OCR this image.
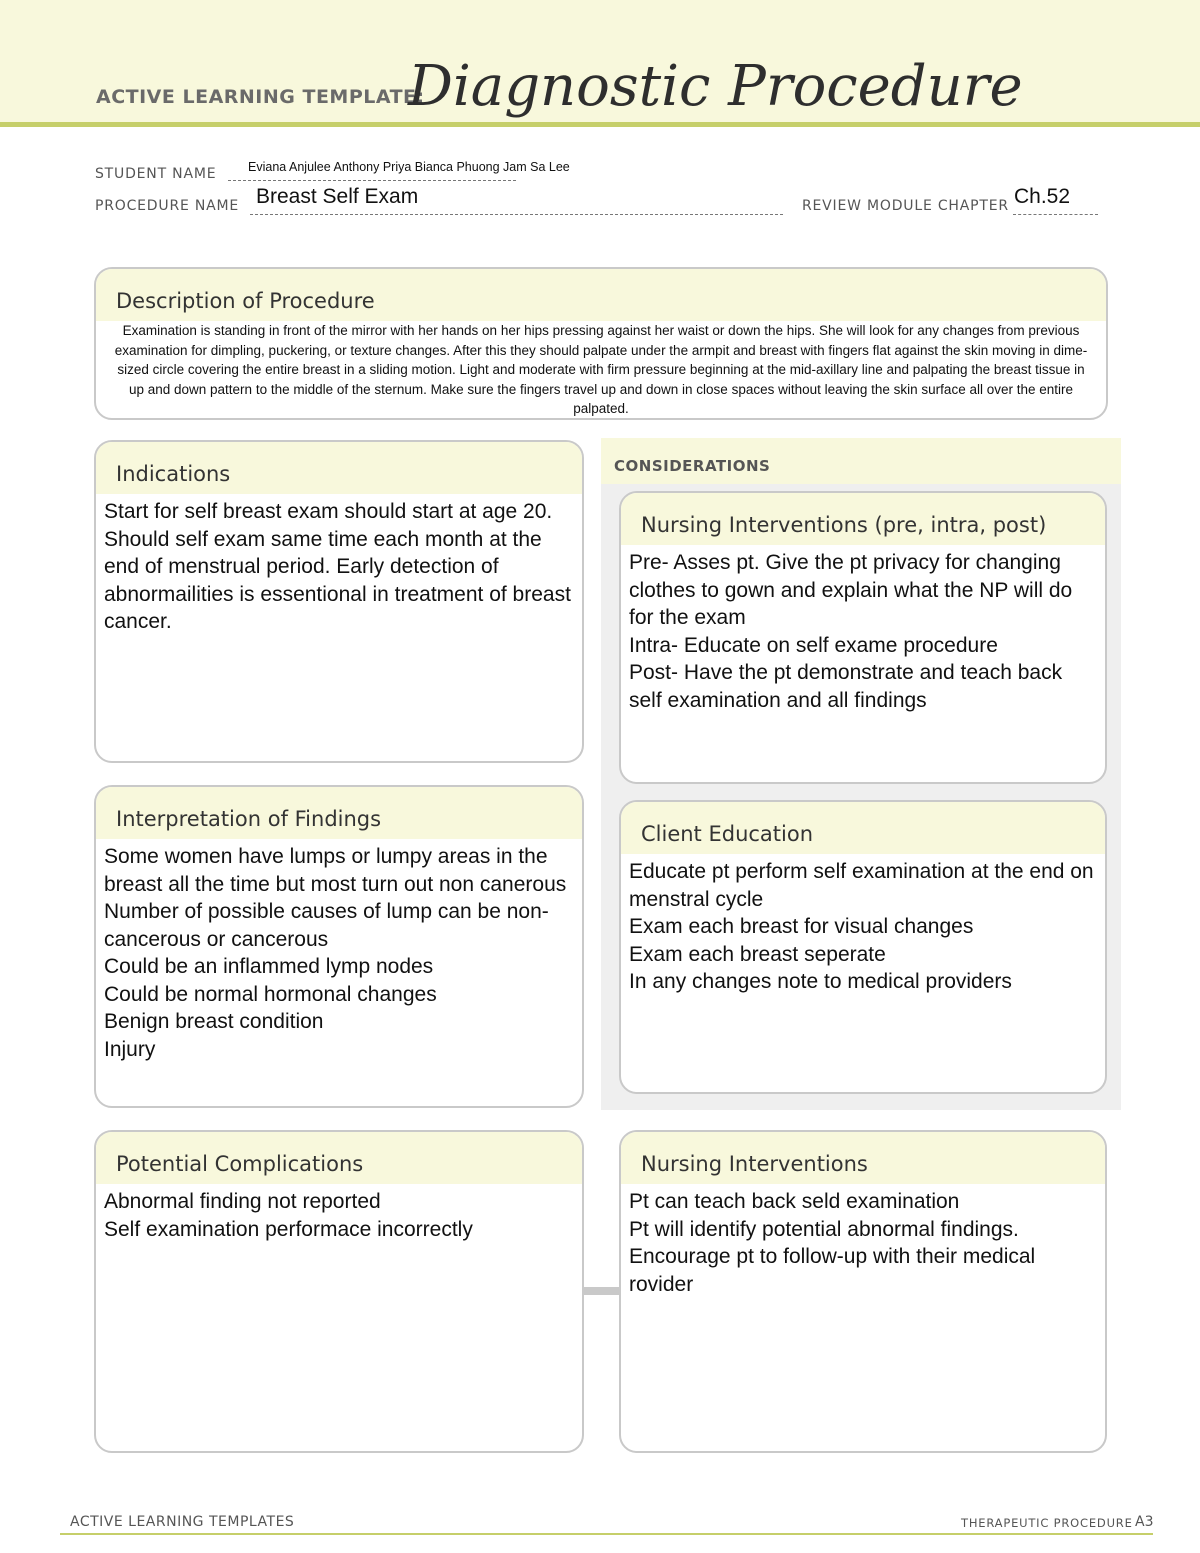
ACTIVE LEARNING TEMPLATE:
Diagnostic Procedure
STUDENT NAME	Eviana Anjulee Anthony Priya Bianca Phuong Jam Sa Lee
PROCEDURE NAME Breast Self Exam	REVIEW MODULE CHAPTER Ch.52
Description of Procedure
Examination is standing in front of the mirror with her hands on her hips pressing against her waist or down the hips. She will look for any changes from previous examination for dimpling, puckering, or texture changes. After this they should palpate under the armpit and breast with fingers flat against the skin moving in dime-sized circle covering the entire breast in a sliding motion. Light and moderate with firm pressure beginning at the mid-axillary line and palpating the breast tissue in up and down pattern to the middle of the sternum. Make sure the fingers travel up and down in close spaces without leaving the skin surface all over the entire palpated.
Indications
Start for self breast exam should start at age 20. Should self exam same time each month at the end of menstrual period. Early detection of abnormailities is essentional in treatment of breast cancer.
Interpretation of Findings
Some women have lumps or lumpy areas in the breast all the time but most turn out non canerous
Number of possible causes of lump can be non-cancerous or cancerous
Could be an inflammed lymp nodes
Could be normal hormonal changes
Benign breast condition
Injury
CONSIDERATIONS
Nursing Interventions (pre, intra, post)
Pre- Asses pt. Give the pt privacy for changing clothes to gown and explain what the NP will do for the exam
Intra- Educate on self exame procedure
Post- Have the pt demonstrate and teach back self examination and all findings
Client Education
Educate pt perform self examination at the end on menstral cycle
Exam each breast for visual changes
Exam each breast seperate
In any changes note to medical providers
Potential Complications
Abnormal finding not reported
Self examination performace incorrectly
Nursing Interventions
Pt can teach back seld examination
Pt will identify potential abnormal findings.
Encourage pt to follow-up with their medical rovider
ACTIVE LEARNING TEMPLATES	THERAPEUTIC PROCEDURE A3
